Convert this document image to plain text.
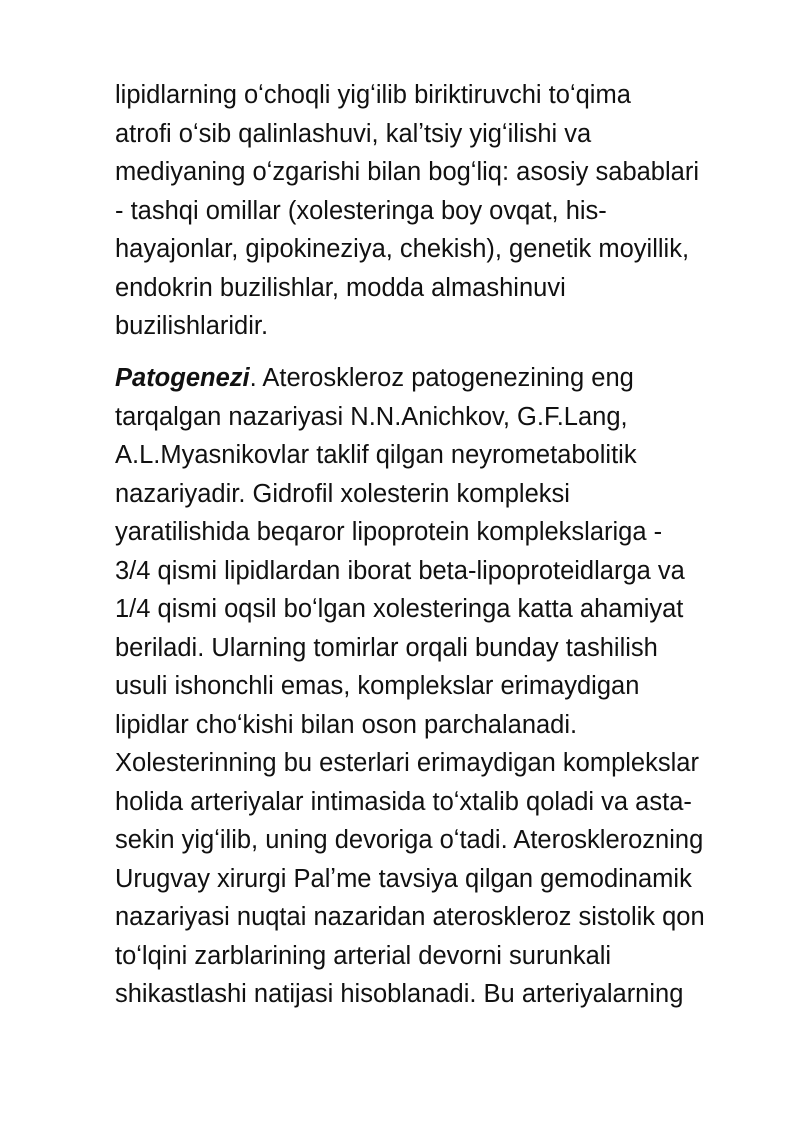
lipidlarning oʻchoqli yigʻilib biriktiruvchi toʻqima
atrofi oʻsib qalinlashuvi, kalʼtsiy yigʻilishi va
mediyaning oʻzgarishi bilan bogʻliq: asosiy sabablari
- tashqi omillar (xolesteringa boy ovqat, his-
hayajonlar, gipokineziya, chekish), genetik moyillik,
endokrin buzilishlar, modda almashinuvi
buzilishlaridir.
Patogenezi. Ateroskleroz patogenezining eng
tarqalgan nazariyasi N.N.Anichkov, G.F.Lang,
A.L.Myasnikovlar taklif qilgan neyrometabolitik
nazariyadir. Gidrofil xolesterin kompleksi
yaratilishida beqaror lipoprotein komplekslariga -
3/4 qismi lipidlardan iborat beta-lipoproteidlarga va
1/4 qismi oqsil boʻlgan xolesteringa katta ahamiyat
beriladi. Ularning tomirlar orqali bunday tashilish
usuli ishonchli emas, komplekslar erimaydigan
lipidlar choʻkishi bilan oson parchalanadi.
Xolesterinning bu esterlari erimaydigan komplekslar
holida arteriyalar intimasida toʻxtalib qoladi va asta-
sekin yigʻilib, uning devoriga oʻtadi. Aterosklerozning
Urugvay xirurgi Palʼme tavsiya qilgan gemodinamik
nazariyasi nuqtai nazaridan ateroskleroz sistolik qon
toʻlqini zarblarining arterial devorni surunkali
shikastlashi natijasi hisoblanadi. Bu arteriyalarning
